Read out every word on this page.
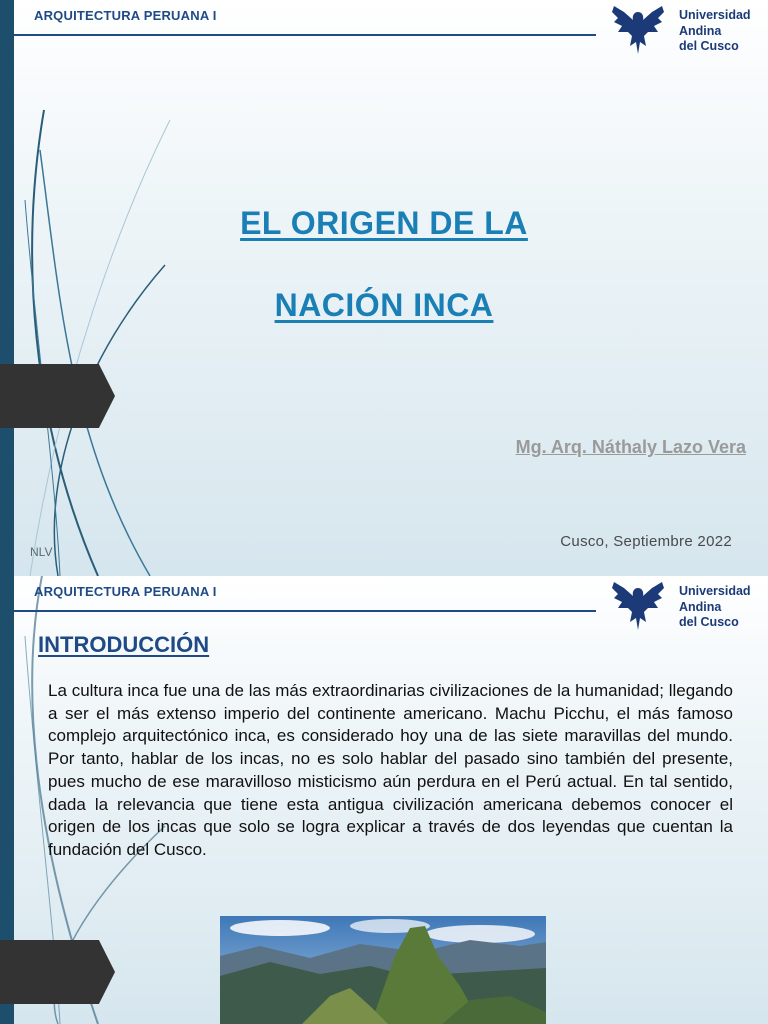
ARQUITECTURA PERUANA I	Universidad
Andina
del Cusco
EL ORIGEN DE LA
NACIÓN INCA
Mg. Arq. Náthaly Lazo Vera
Cusco, Septiembre 2022
NLV
ARQUITECTURA PERUANA I	Universidad
Andina
del Cusco
INTRODUCCIÓN
La cultura inca fue una de las más extraordinarias civilizaciones de la humanidad; llegando a ser el más extenso imperio del continente americano. Machu Picchu, el más famoso complejo arquitectónico inca, es considerado hoy una de las siete maravillas del mundo. Por tanto, hablar de los incas, no es solo hablar del pasado sino también del presente, pues mucho de ese maravilloso misticismo aún perdura en el Perú actual. En tal sentido, dada la relevancia que tiene esta antigua civilización americana debemos conocer el origen de los incas que solo se logra explicar a través de dos leyendas que cuentan la fundación del Cusco.
